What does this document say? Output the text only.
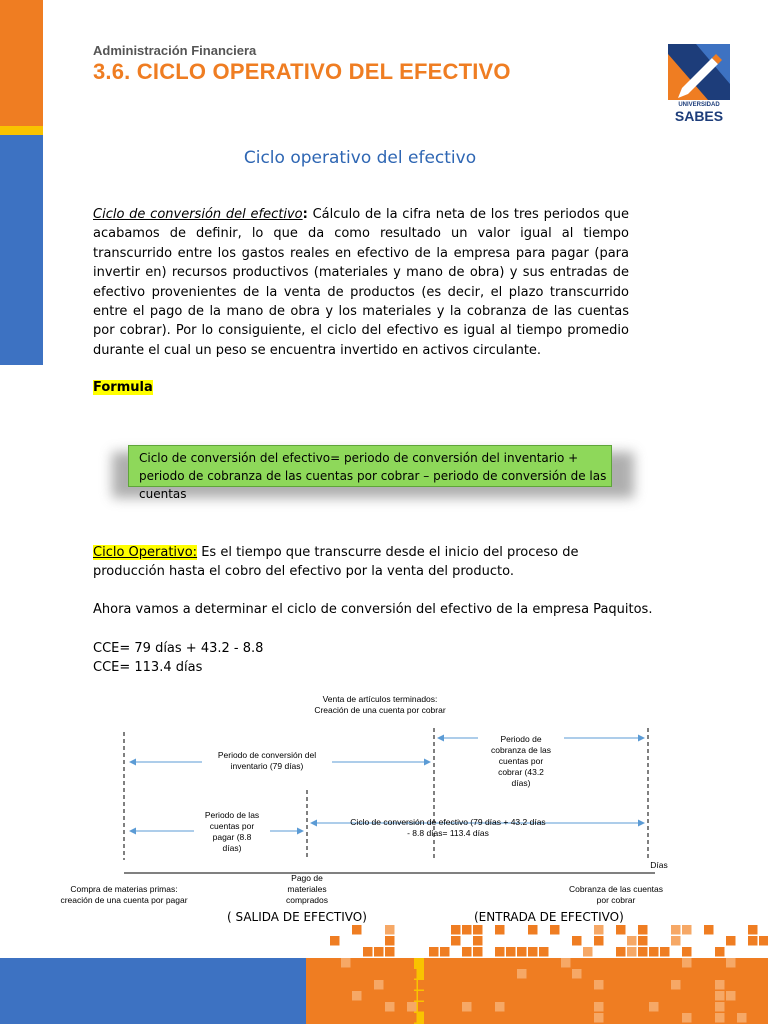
Administración Financiera
3.6. CICLO OPERATIVO DEL EFECTIVO
UNIVERSIDAD
SABES
Ciclo operativo del efectivo
Ciclo de conversión del efectivo: Cálculo de la cifra neta de los tres periodos que acabamos de definir, lo que da como resultado un valor igual al tiempo transcurrido entre los gastos reales en efectivo de la empresa para pagar (para invertir en) recursos productivos (materiales y mano de obra) y sus entradas de efectivo provenientes de la venta de productos (es decir, el plazo transcurrido entre el pago de la mano de obra y los materiales y la cobranza de las cuentas por cobrar). Por lo consiguiente, el ciclo del efectivo es igual al tiempo promedio durante el cual un peso se encuentra invertido en activos circulante.
Formula
Ciclo de conversión del efectivo= periodo de conversión del inventario + periodo de cobranza de las cuentas por cobrar – periodo de conversión de las cuentas
Ciclo Operativo: Es el tiempo que transcurre desde el inicio del proceso de producción hasta el cobro del efectivo por la venta del producto.
Ahora vamos a determinar el ciclo de conversión del efectivo de la empresa Paquitos.
CCE= 79 días + 43.2 - 8.8
CCE= 113.4 días
Venta de artículos terminados:
Creación de una cuenta por cobrar
Periodo de conversión del
inventario (79 días)
Periodo de
cobranza de las
cuentas por
cobrar (43.2
días)
Periodo de las
cuentas por
pagar (8.8
días)
Ciclo de conversión de efectivo (79 días + 43.2 días
- 8.8 días= 113.4 días
Días
Compra de materias primas:
creación de una cuenta por pagar
Pago de
materiales
comprados
Cobranza de las cuentas
por cobrar
( SALIDA DE EFECTIVO)	(ENTRADA DE EFECTIVO)
